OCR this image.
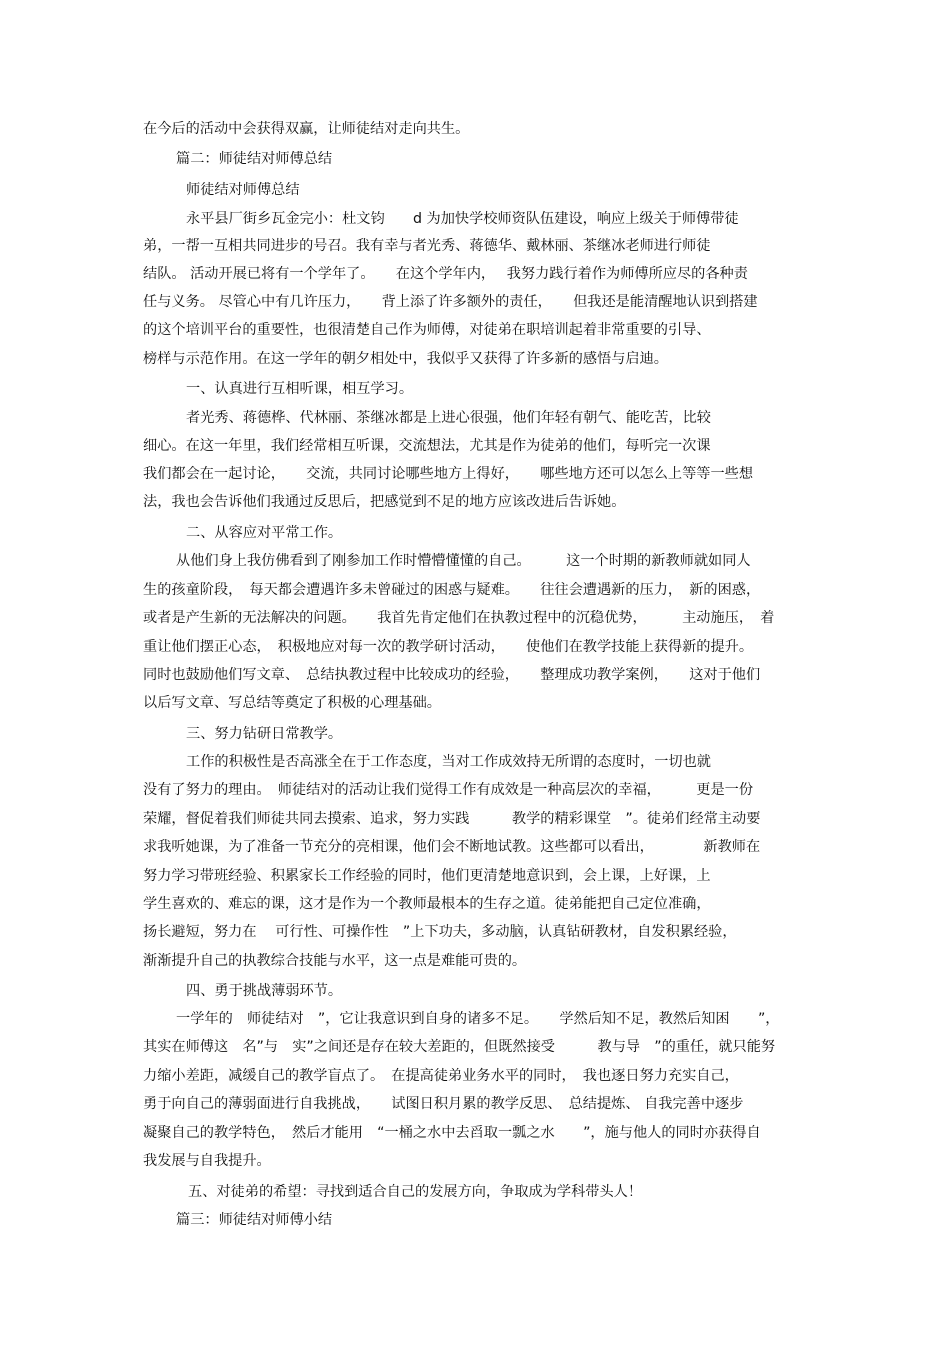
在今后的活动中会获得双赢，让师徒结对走向共生。
篇二：师徒结对师傅总结
师徒结对师傅总结
永平县厂街乡瓦金完小：杜文钧　　d 为加快学校师资队伍建设，响应上级关于师傅带徒
弟，一帮一互相共同进步的号召。我有幸与者光秀、蒋德华、戴林丽、茶继冰老师进行师徒
结队。 活动开展已将有一个学年了。　　在这个学年内，　 我努力践行着作为师傅所应尽的各种责
任与义务。 尽管心中有几许压力，　　背上添了许多额外的责任，　　但我还是能清醒地认识到搭建
的这个培训平台的重要性，也很清楚自己作为师傅，对徒弟在职培训起着非常重要的引导、
榜样与示范作用。在这一学年的朝夕相处中，我似乎又获得了许多新的感悟与启迪。
一、认真进行互相听课，相互学习。
者光秀、蒋德桦、代林丽、茶继冰都是上进心很强，他们年轻有朝气、能吃苦，比较
细心。在这一年里，我们经常相互听课，交流想法，尤其是作为徒弟的他们，每听完一次课
我们都会在一起讨论，　　交流，共同讨论哪些地方上得好，　　哪些地方还可以怎么上等等一些想
法，我也会告诉他们我通过反思后，把感觉到不足的地方应该改进后告诉她。
二、从容应对平常工作。
从他们身上我仿佛看到了刚参加工作时懵懵懂懂的自己。　　　这一个时期的新教师就如同人
生的孩童阶段，　每天都会遭遇许多未曾碰过的困惑与疑难。　　往往会遭遇新的压力，　新的困惑，
或者是产生新的无法解决的问题。　　我首先肯定他们在执教过程中的沉稳优势，　　　主动施压，　着
重让他们摆正心态，　积极地应对每一次的教学研讨活动，　　使他们在教学技能上获得新的提升。
同时也鼓励他们写文章、　总结执教过程中比较成功的经验，　　整理成功教学案例，　　这对于他们
以后写文章、写总结等奠定了积极的心理基础。
三、努力钻研日常教学。
工作的积极性是否高涨全在于工作态度，当对工作成效持无所谓的态度时，一切也就
没有了努力的理由。　师徒结对的活动让我们觉得工作有成效是一种高层次的幸福，　　　更是一份
荣耀，督促着我们师徒共同去摸索、追求，努力实践　　　教学的精彩课堂　”。徒弟们经常主动要
求我听她课，为了准备一节充分的亮相课，他们会不断地试教。这些都可以看出，　　　　新教师在
努力学习带班经验、积累家长工作经验的同时，他们更清楚地意识到，会上课，上好课，上
学生喜欢的、难忘的课，这才是作为一个教师最根本的生存之道。徒弟能把自己定位准确，
扬长避短，努力在　 可行性、可操作性　”上下功夫，多动脑，认真钻研教材，自发积累经验，
渐渐提升自己的执教综合技能与水平，这一点是难能可贵的。
四、勇于挑战薄弱环节。
一学年的　师徒结对　”，它让我意识到自身的诸多不足。　　学然后知不足，教然后知困　　”，
其实在师傅这　名”与　实”之间还是存在较大差距的，但既然接受　　　教与导　”的重任，就只能努
力缩小差距，减缓自己的教学盲点了。　在提高徒弟业务水平的同时，　我也逐日努力充实自己，
勇于向自己的薄弱面进行自我挑战，　　试图日积月累的教学反思、　总结提炼、 自我完善中逐步
凝聚自己的教学特色，　然后才能用　“一桶之水中去舀取一瓢之水　　”，施与他人的同时亦获得自
我发展与自我提升。
五、对徒弟的希望：寻找到适合自己的发展方向，争取成为学科带头人！
篇三：师徒结对师傅小结
